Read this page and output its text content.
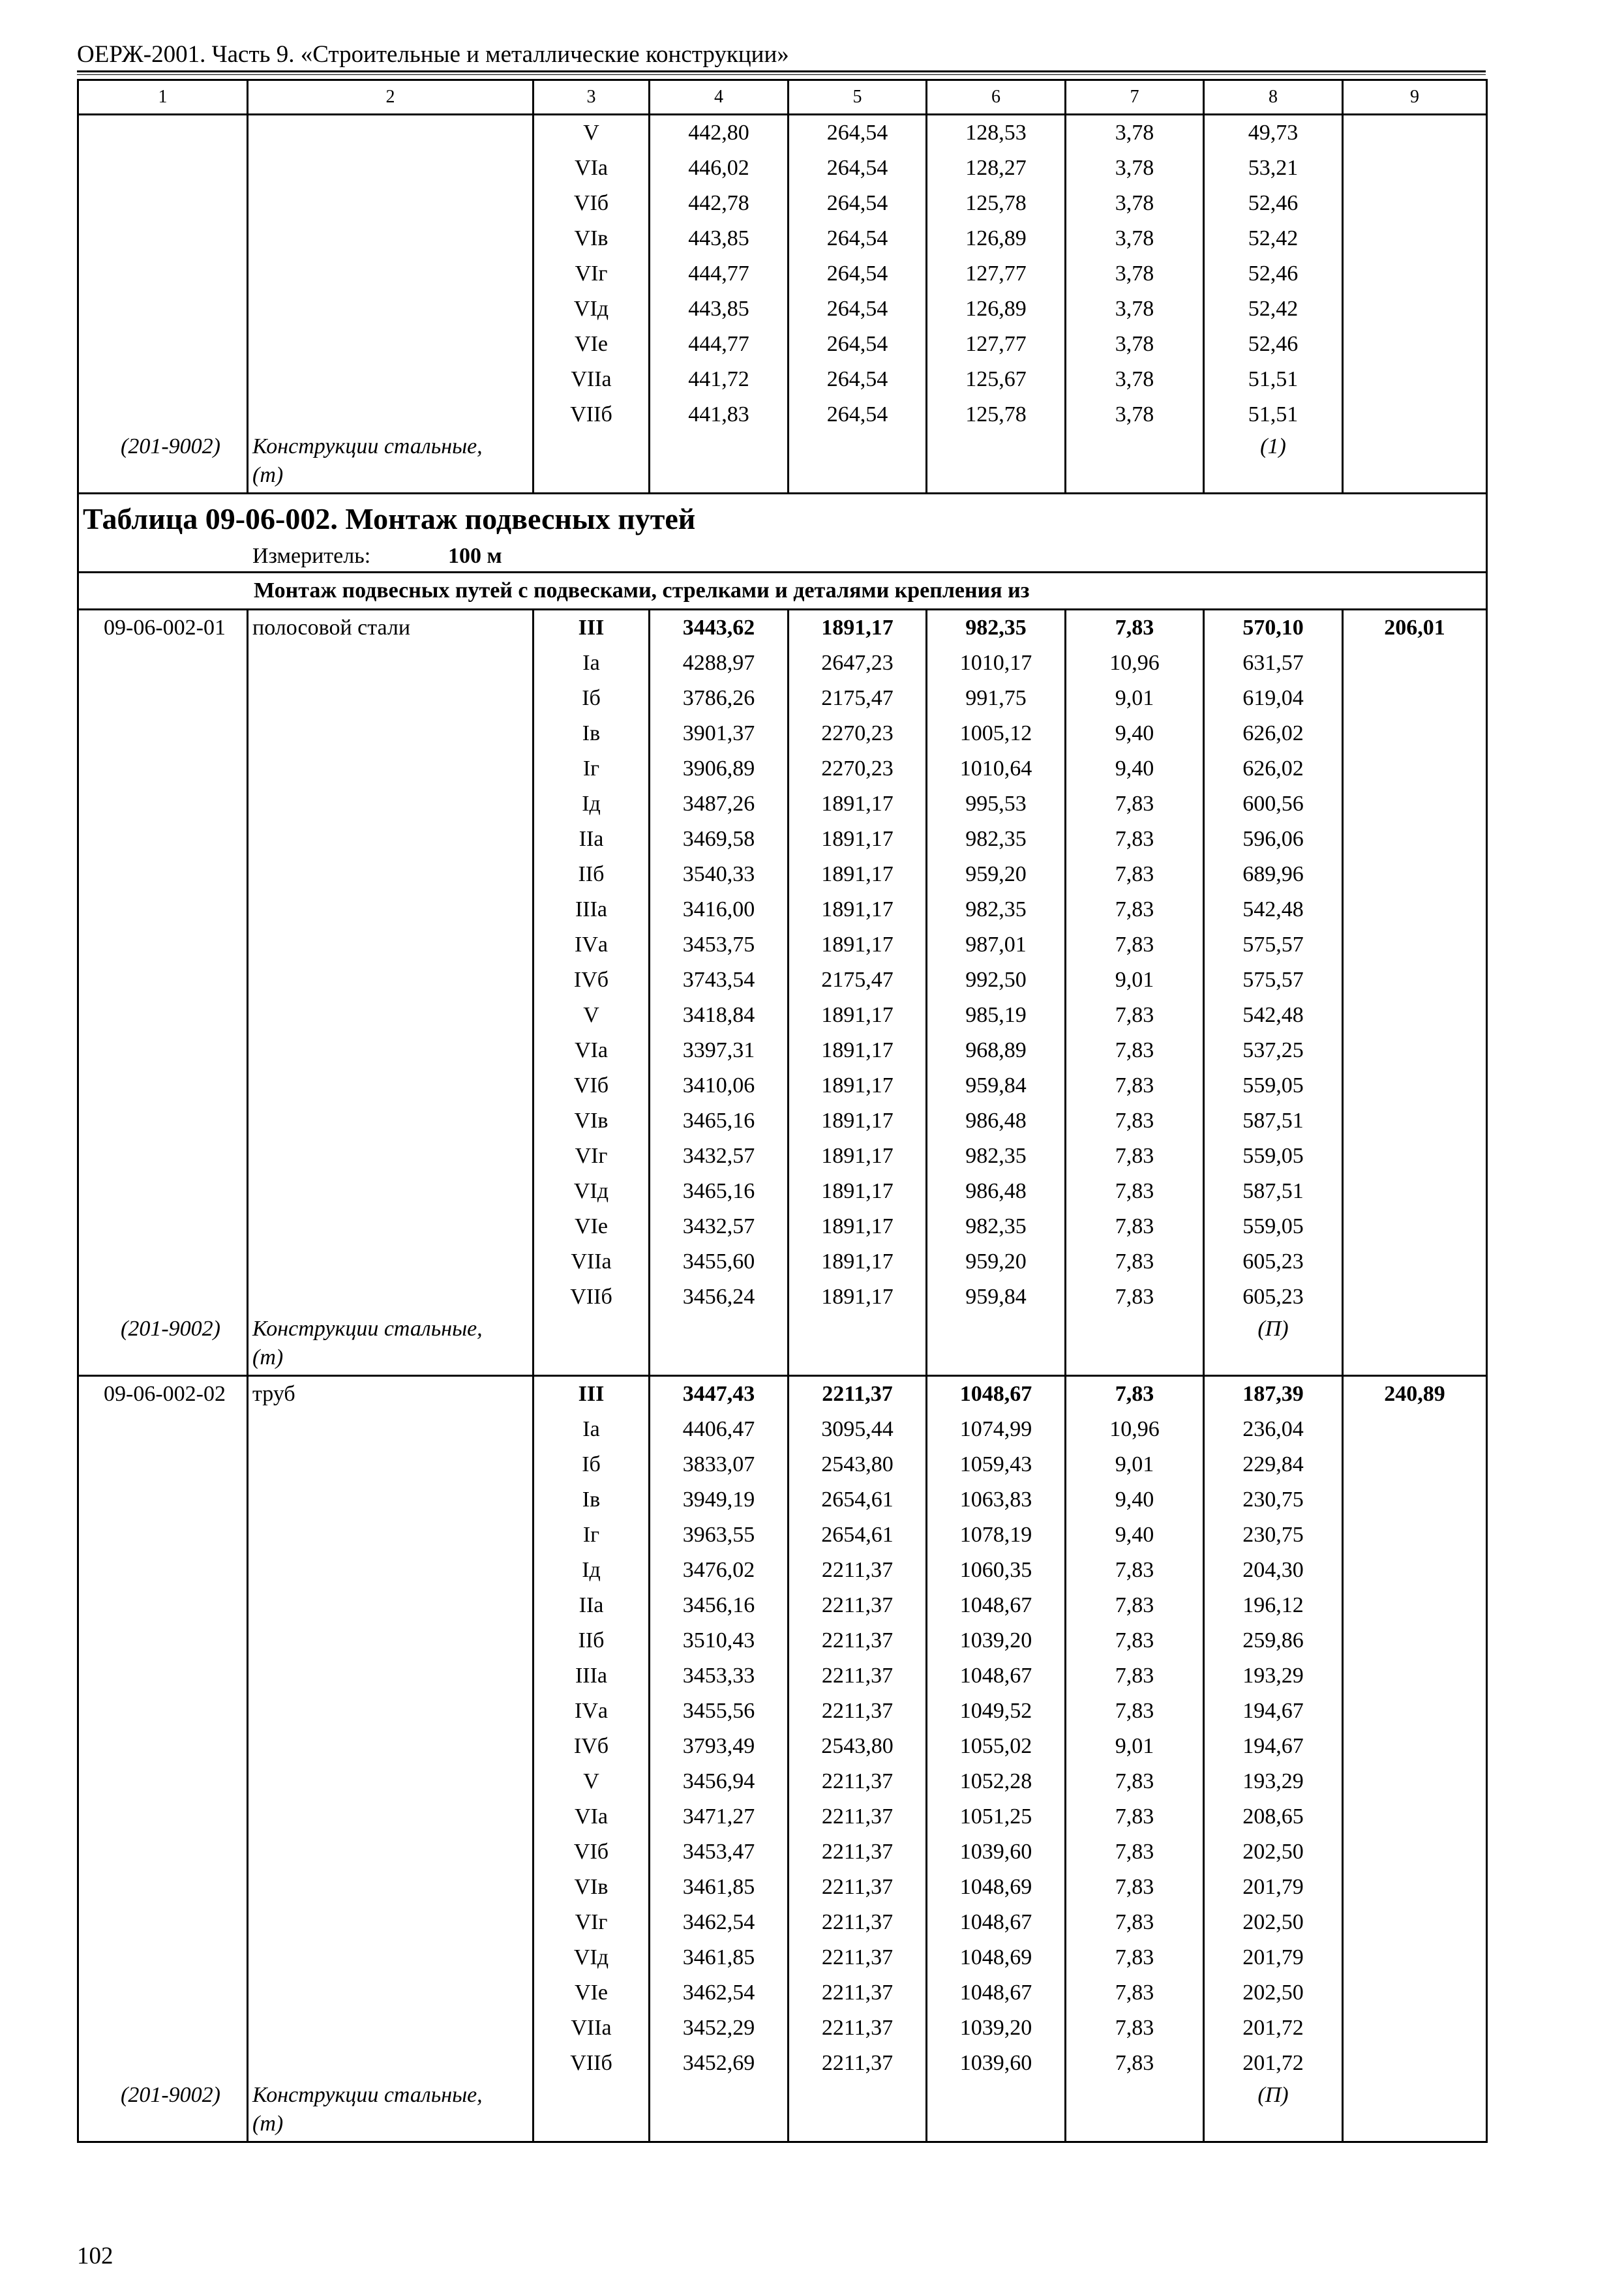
ОЕРЖ-2001. Часть 9. «Строительные и металлические конструкции»
1	2	3	4	5	6	7	8	9
		V	442,80	264,54	128,53	3,78	49,73	
		VIа	446,02	264,54	128,27	3,78	53,21	
		VIб	442,78	264,54	125,78	3,78	52,46	
		VIв	443,85	264,54	126,89	3,78	52,42	
		VIг	444,77	264,54	127,77	3,78	52,46	
		VIд	443,85	264,54	126,89	3,78	52,42	
		VIе	444,77	264,54	127,77	3,78	52,46	
		VIIа	441,72	264,54	125,67	3,78	51,51	
		VIIб	441,83	264,54	125,78	3,78	51,51	
(201-9002)	Конструкции стальные,
(т)						(1)	

Таблица 09-06-002. Монтаж подвесных путей
Измеритель: 100 м								

Монтаж подвесных путей с подвесками, стрелками и деталями крепления из								
09-06-002-01	полосовой стали	III	3443,62	1891,17	982,35	7,83	570,10	206,01
		Iа	4288,97	2647,23	1010,17	10,96	631,57	
		Iб	3786,26	2175,47	991,75	9,01	619,04	
		Iв	3901,37	2270,23	1005,12	9,40	626,02	
		Iг	3906,89	2270,23	1010,64	9,40	626,02	
		Iд	3487,26	1891,17	995,53	7,83	600,56	
		IIа	3469,58	1891,17	982,35	7,83	596,06	
		IIб	3540,33	1891,17	959,20	7,83	689,96	
		IIIа	3416,00	1891,17	982,35	7,83	542,48	
		IVа	3453,75	1891,17	987,01	7,83	575,57	
		IVб	3743,54	2175,47	992,50	9,01	575,57	
		V	3418,84	1891,17	985,19	7,83	542,48	
		VIа	3397,31	1891,17	968,89	7,83	537,25	
		VIб	3410,06	1891,17	959,84	7,83	559,05	
		VIв	3465,16	1891,17	986,48	7,83	587,51	
		VIг	3432,57	1891,17	982,35	7,83	559,05	
		VIд	3465,16	1891,17	986,48	7,83	587,51	
		VIе	3432,57	1891,17	982,35	7,83	559,05	
		VIIа	3455,60	1891,17	959,20	7,83	605,23	
		VIIб	3456,24	1891,17	959,84	7,83	605,23	
(201-9002)	Конструкции стальные,
(т)						(П)	
09-06-002-02	труб	III	3447,43	2211,37	1048,67	7,83	187,39	240,89
		Iа	4406,47	3095,44	1074,99	10,96	236,04	
		Iб	3833,07	2543,80	1059,43	9,01	229,84	
		Iв	3949,19	2654,61	1063,83	9,40	230,75	
		Iг	3963,55	2654,61	1078,19	9,40	230,75	
		Iд	3476,02	2211,37	1060,35	7,83	204,30	
		IIа	3456,16	2211,37	1048,67	7,83	196,12	
		IIб	3510,43	2211,37	1039,20	7,83	259,86	
		IIIа	3453,33	2211,37	1048,67	7,83	193,29	
		IVа	3455,56	2211,37	1049,52	7,83	194,67	
		IVб	3793,49	2543,80	1055,02	9,01	194,67	
		V	3456,94	2211,37	1052,28	7,83	193,29	
		VIа	3471,27	2211,37	1051,25	7,83	208,65	
		VIб	3453,47	2211,37	1039,60	7,83	202,50	
		VIв	3461,85	2211,37	1048,69	7,83	201,79	
		VIг	3462,54	2211,37	1048,67	7,83	202,50	
		VIд	3461,85	2211,37	1048,69	7,83	201,79	
		VIе	3462,54	2211,37	1048,67	7,83	202,50	
		VIIа	3452,29	2211,37	1039,20	7,83	201,72	
		VIIб	3452,69	2211,37	1039,60	7,83	201,72	
(201-9002)	Конструкции стальные,
(т)						(П)	
102
